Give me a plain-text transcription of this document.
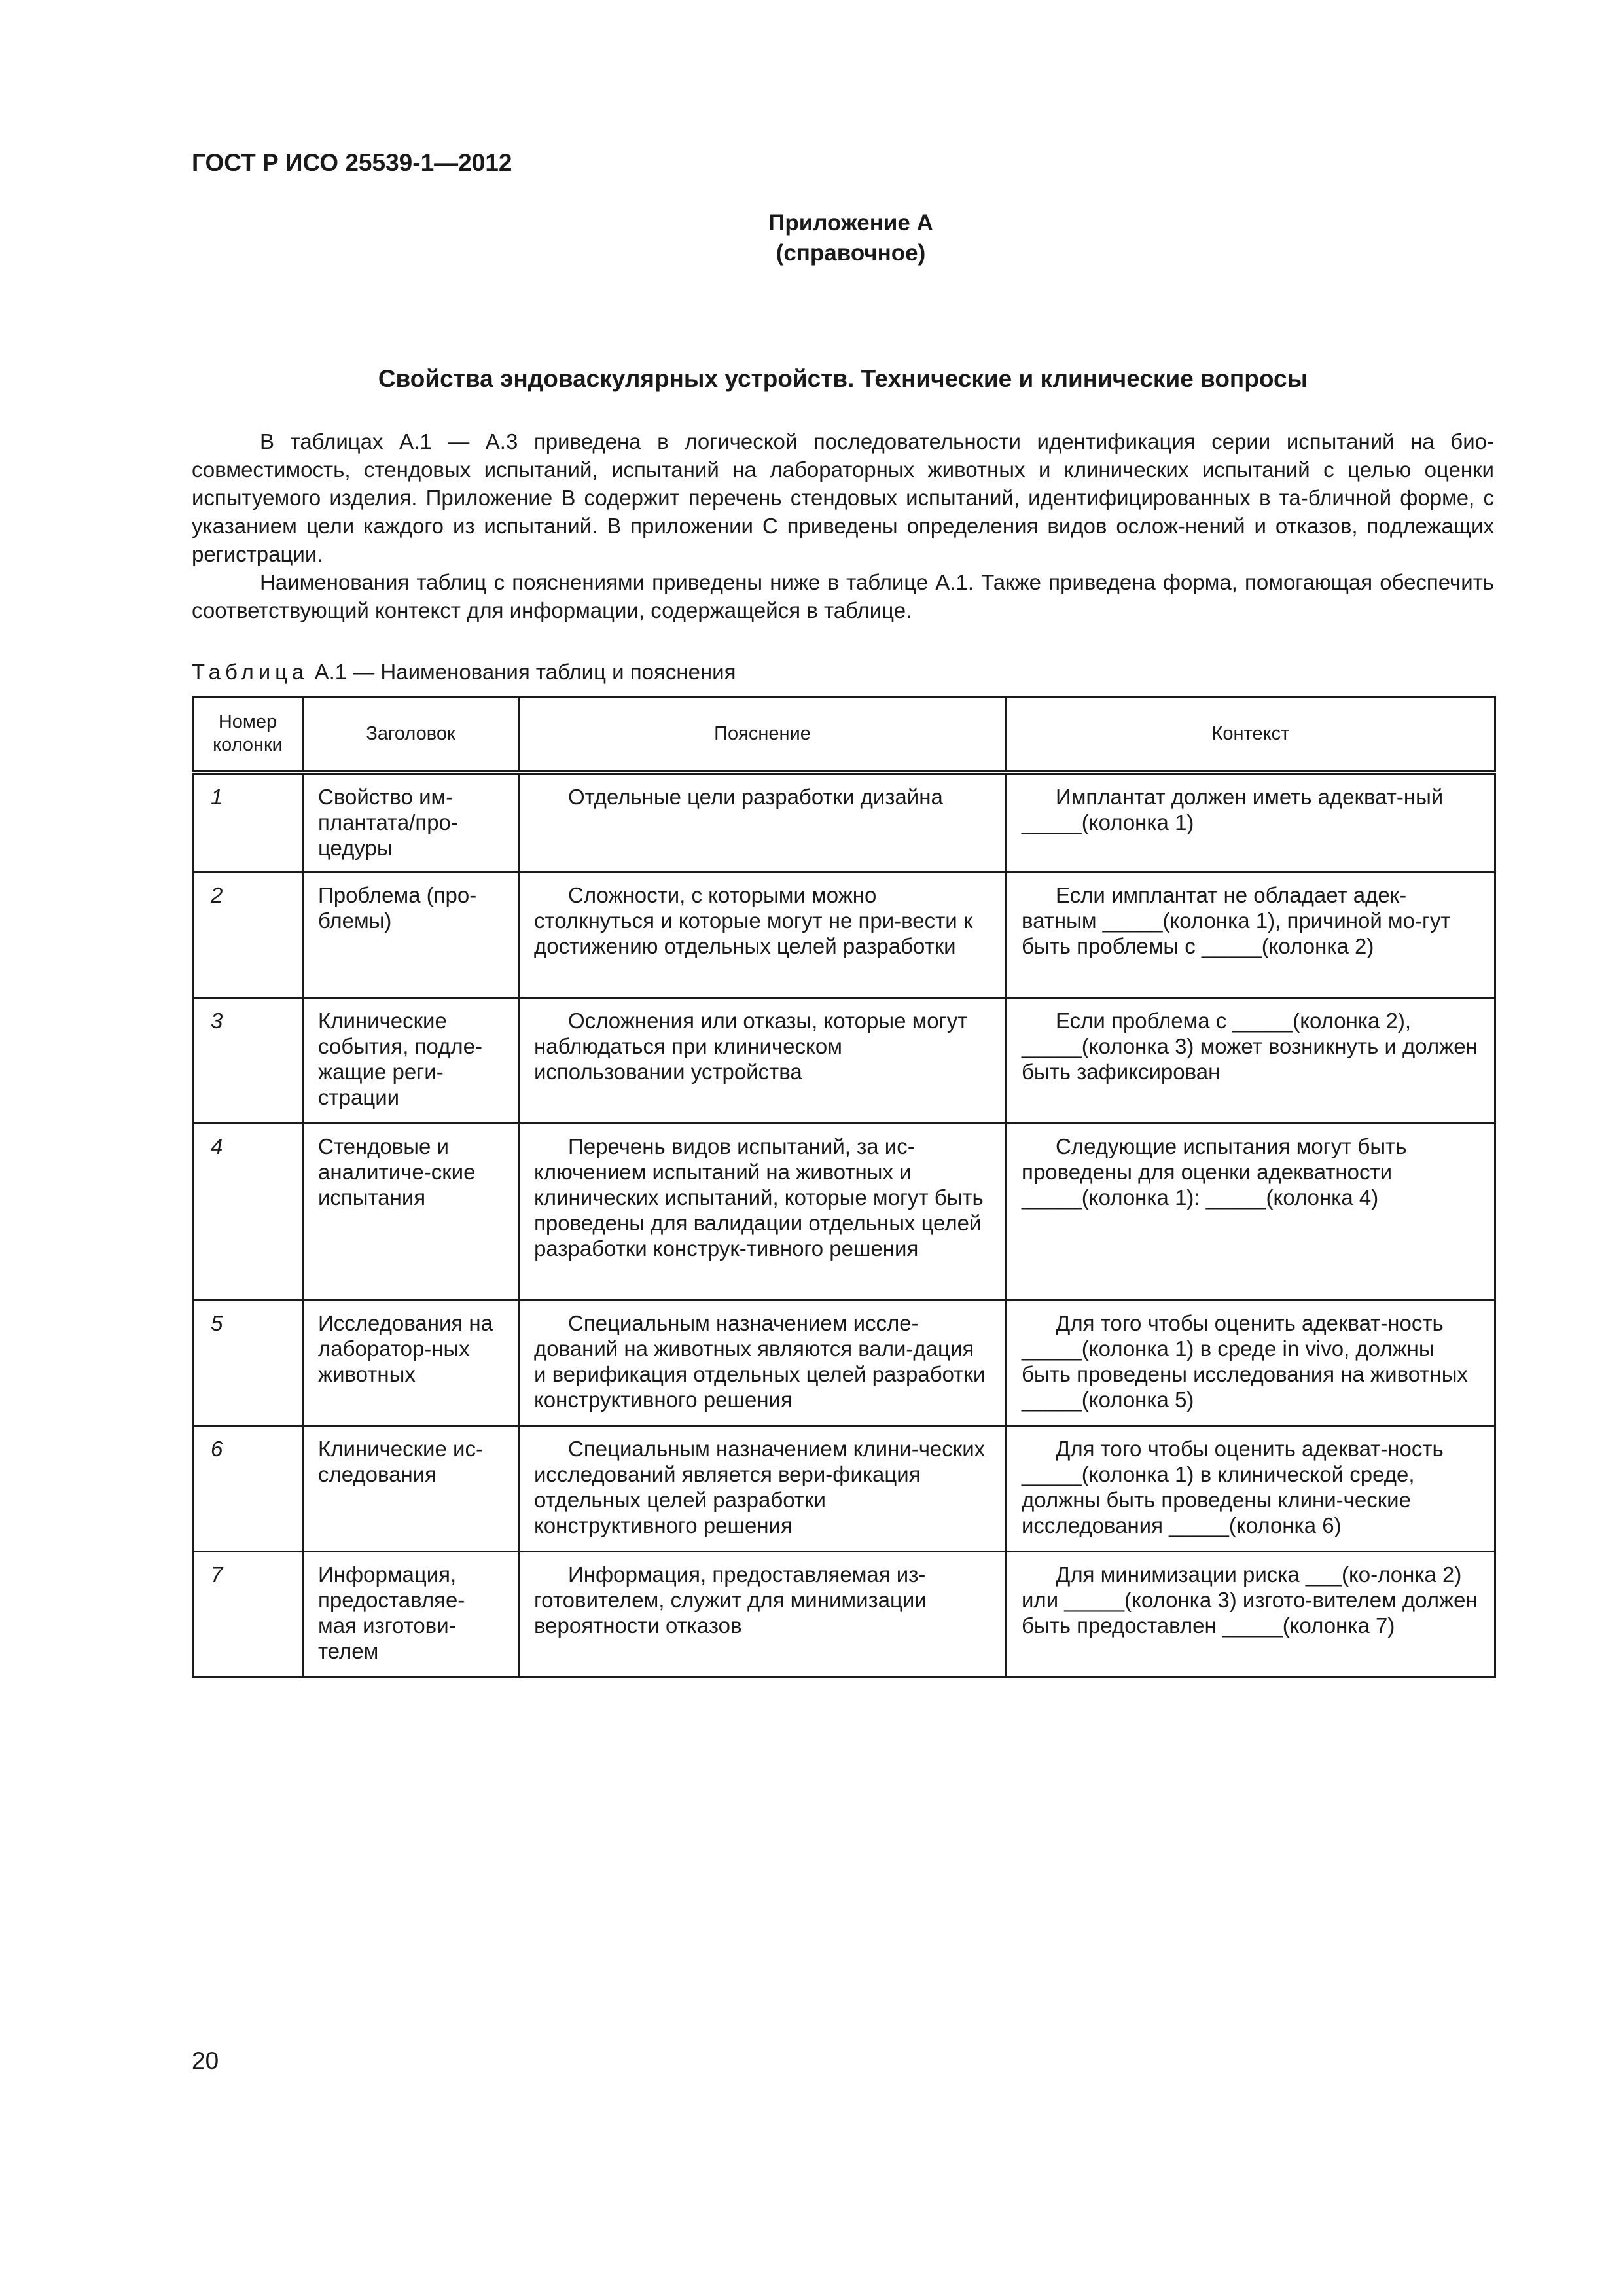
ГОСТ Р ИСО 25539-1—2012
Приложение А
(справочное)
Свойства эндоваскулярных устройств. Технические и клинические вопросы

В таблицах А.1 — А.3 приведена в логической последовательности идентификация серии испытаний на био-совместимость, стендовых испытаний, испытаний на лабораторных животных и клинических испытаний с целью оценки испытуемого изделия. Приложение В содержит перечень стендовых испытаний, идентифицированных в та-бличной форме, с указанием цели каждого из испытаний. В приложении С приведены определения видов ослож-нений и отказов, подлежащих регистрации.

Наименования таблиц с пояснениями приведены ниже в таблице А.1. Также приведена форма, помогающая обеспечить соответствующий контекст для информации, содержащейся в таблице.

Таблица А.1 — Наименования таблиц и пояснения
Номер колонки	Заголовок	Пояснение	Контекст

1	Свойство им-плантата/про-цедуры	Отдельные цели разработки дизайна	Имплантат должен иметь адекват-ный _____(колонка 1)

2	Проблема (про-блемы)	Сложности, с которыми можно столкнуться и которые могут не при-вести к достижению отдельных целей разработки	Если имплантат не обладает адек-ватным _____(колонка 1), причиной мо-гут быть проблемы с _____(колонка 2)

3	Клинические события, подле-жащие реги-страции	Осложнения или отказы, которые могут наблюдаться при клиническом использовании устройства	Если проблема с _____(колонка 2), _____(колонка 3) может возникнуть и должен быть зафиксирован

4	Стендовые и аналитиче-ские испытания	Перечень видов испытаний, за ис-ключением испытаний на животных и клинических испытаний, которые могут быть проведены для валидации отдельных целей разработки конструк-тивного решения	Следующие испытания могут быть проведены для оценки адекватности _____(колонка 1): _____(колонка 4)

5	Исследования на лаборатор-ных животных	Специальным назначением иссле-дований на животных являются вали-дация и верификация отдельных целей разработки конструктивного решения	Для того чтобы оценить адекват-ность _____(колонка 1) в среде in vivo, должны быть проведены исследования на животных _____(колонка 5)

6	Клинические ис-следования	Специальным назначением клини-ческих исследований является вери-фикация отдельных целей разработки конструктивного решения	Для того чтобы оценить адекват-ность _____(колонка 1) в клинической среде, должны быть проведены клини-ческие исследования _____(колонка 6)

7	Информация, предоставляе-мая изготови-телем	Информация, предоставляемая из-готовителем, служит для минимизации вероятности отказов	Для минимизации риска ___(ко-лонка 2) или _____(колонка 3) изгото-вителем должен быть предоставлен _____(колонка 7)
20
